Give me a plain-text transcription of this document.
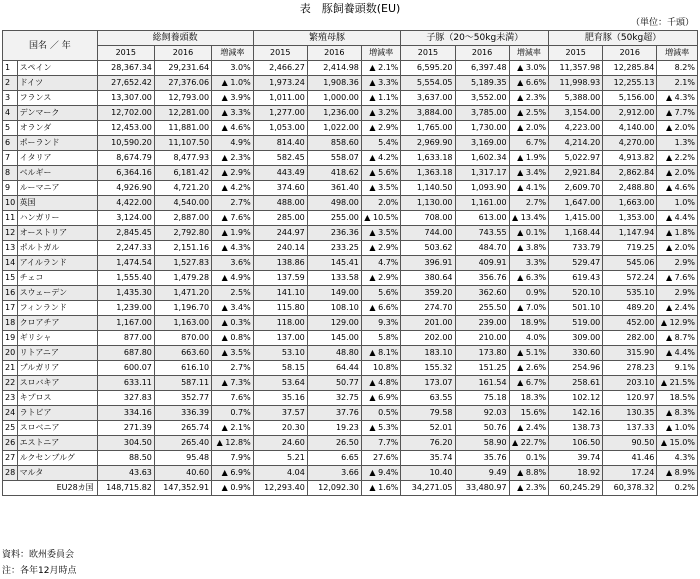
表　豚飼養頭数(EU)
（単位：千頭）
国名 ／ 年		総飼養頭数			繁殖母豚			子豚（20～50kg未満）			肥育豚（50kg超）		
		2015	2016	増減率	2015	2016	増減率	2015	2016	増減率	2015	2016	増減率
1	スペイン	28,367.34	29,231.64	3.0%	2,466.27	2,414.98	▲ 2.1%	6,595.20	6,397.48	▲ 3.0%	11,357.98	12,285.84	8.2%
2	ドイツ	27,652.42	27,376.06	▲ 1.0%	1,973.24	1,908.36	▲ 3.3%	5,554.05	5,189.35	▲ 6.6%	11,998.93	12,255.13	2.1%
3	フランス	13,307.00	12,793.00	▲ 3.9%	1,011.00	1,000.00	▲ 1.1%	3,637.00	3,552.00	▲ 2.3%	5,388.00	5,156.00	▲ 4.3%
4	デンマーク	12,702.00	12,281.00	▲ 3.3%	1,277.00	1,236.00	▲ 3.2%	3,884.00	3,785.00	▲ 2.5%	3,154.00	2,912.00	▲ 7.7%
5	オランダ	12,453.00	11,881.00	▲ 4.6%	1,053.00	1,022.00	▲ 2.9%	1,765.00	1,730.00	▲ 2.0%	4,223.00	4,140.00	▲ 2.0%
6	ポーランド	10,590.20	11,107.50	4.9%	814.40	858.60	5.4%	2,969.90	3,169.00	6.7%	4,214.20	4,270.00	1.3%
7	イタリア	8,674.79	8,477.93	▲ 2.3%	582.45	558.07	▲ 4.2%	1,633.18	1,602.34	▲ 1.9%	5,022.97	4,913.82	▲ 2.2%
8	ベルギー	6,364.16	6,181.42	▲ 2.9%	443.49	418.62	▲ 5.6%	1,363.18	1,317.17	▲ 3.4%	2,921.84	2,862.84	▲ 2.0%
9	ルーマニア	4,926.90	4,721.20	▲ 4.2%	374.60	361.40	▲ 3.5%	1,140.50	1,093.90	▲ 4.1%	2,609.70	2,488.80	▲ 4.6%
10	英国	4,422.00	4,540.00	2.7%	488.00	498.00	2.0%	1,130.00	1,161.00	2.7%	1,647.00	1,663.00	1.0%
11	ハンガリー	3,124.00	2,887.00	▲ 7.6%	285.00	255.00	▲ 10.5%	708.00	613.00	▲ 13.4%	1,415.00	1,353.00	▲ 4.4%
12	オーストリア	2,845.45	2,792.80	▲ 1.9%	244.97	236.36	▲ 3.5%	744.00	743.55	▲ 0.1%	1,168.44	1,147.94	▲ 1.8%
13	ポルトガル	2,247.33	2,151.16	▲ 4.3%	240.14	233.25	▲ 2.9%	503.62	484.70	▲ 3.8%	733.79	719.25	▲ 2.0%
14	アイルランド	1,474.54	1,527.83	3.6%	138.86	145.41	4.7%	396.91	409.91	3.3%	529.47	545.06	2.9%
15	チェコ	1,555.40	1,479.28	▲ 4.9%	137.59	133.58	▲ 2.9%	380.64	356.76	▲ 6.3%	619.43	572.24	▲ 7.6%
16	スウェーデン	1,435.30	1,471.20	2.5%	141.10	149.00	5.6%	359.20	362.60	0.9%	520.10	535.10	2.9%
17	フィンランド	1,239.00	1,196.70	▲ 3.4%	115.80	108.10	▲ 6.6%	274.70	255.50	▲ 7.0%	501.10	489.20	▲ 2.4%
18	クロアチア	1,167.00	1,163.00	▲ 0.3%	118.00	129.00	9.3%	201.00	239.00	18.9%	519.00	452.00	▲ 12.9%
19	ギリシャ	877.00	870.00	▲ 0.8%	137.00	145.00	5.8%	202.00	210.00	4.0%	309.00	282.00	▲ 8.7%
20	リトアニア	687.80	663.60	▲ 3.5%	53.10	48.80	▲ 8.1%	183.10	173.80	▲ 5.1%	330.60	315.90	▲ 4.4%
21	ブルガリア	600.07	616.10	2.7%	58.15	64.44	10.8%	155.32	151.25	▲ 2.6%	254.96	278.23	9.1%
22	スロバキア	633.11	587.11	▲ 7.3%	53.64	50.77	▲ 4.8%	173.07	161.54	▲ 6.7%	258.61	203.10	▲ 21.5%
23	キプロス	327.83	352.77	7.6%	35.16	32.75	▲ 6.9%	63.55	75.18	18.3%	102.12	120.97	18.5%
24	ラトビア	334.16	336.39	0.7%	37.57	37.76	0.5%	79.58	92.03	15.6%	142.16	130.35	▲ 8.3%
25	スロベニア	271.39	265.74	▲ 2.1%	20.30	19.23	▲ 5.3%	52.01	50.76	▲ 2.4%	138.73	137.33	▲ 1.0%
26	エストニア	304.50	265.40	▲ 12.8%	24.60	26.50	7.7%	76.20	58.90	▲ 22.7%	106.50	90.50	▲ 15.0%
27	ルクセンブルグ	88.50	95.48	7.9%	5.21	6.65	27.6%	35.74	35.76	0.1%	39.74	41.46	4.3%
28	マルタ	43.63	40.60	▲ 6.9%	4.04	3.66	▲ 9.4%	10.40	9.49	▲ 8.8%	18.92	17.24	▲ 8.9%
EU28カ国		148,715.82	147,352.91	▲ 0.9%	12,293.40	12,092.30	▲ 1.6%	34,271.05	33,480.97	▲ 2.3%	60,245.29	60,378.32	0.2%
資料：欧州委員会
注：各年12月時点
